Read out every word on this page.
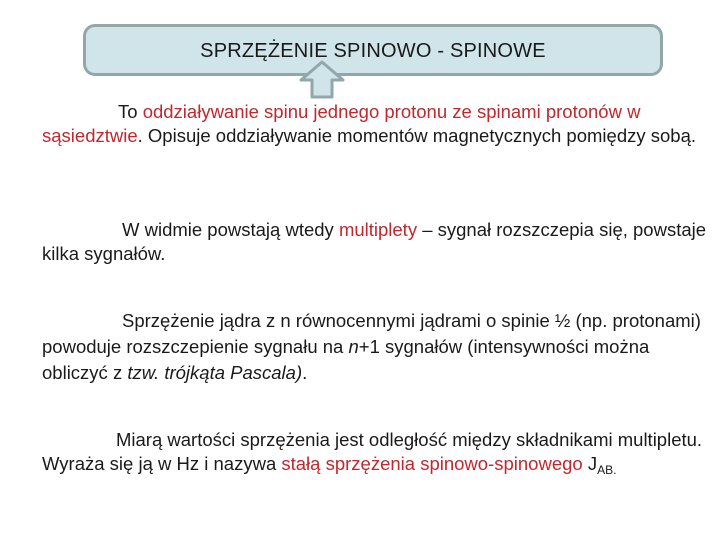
SPRZĘŻENIE SPINOWO - SPINOWE

To oddziaływanie spinu jednego protonu ze spinami protonów w sąsiedztwie. Opisuje oddziaływanie momentów magnetycznych pomiędzy sobą.

W widmie powstają wtedy multiplety – sygnał rozszczepia się, powstaje kilka sygnałów.

Sprzężenie jądra z n równocennymi jądrami o spinie ½ (np. protonami) powoduje rozszczepienie sygnału na n+1 sygnałów (intensywności można obliczyć z tzw. trójkąta Pascala).

Miarą wartości sprzężenia jest odległość między składnikami multipletu. Wyraża się ją w Hz i nazywa stałą sprzężenia spinowo-spinowego $J_{AB.}$
